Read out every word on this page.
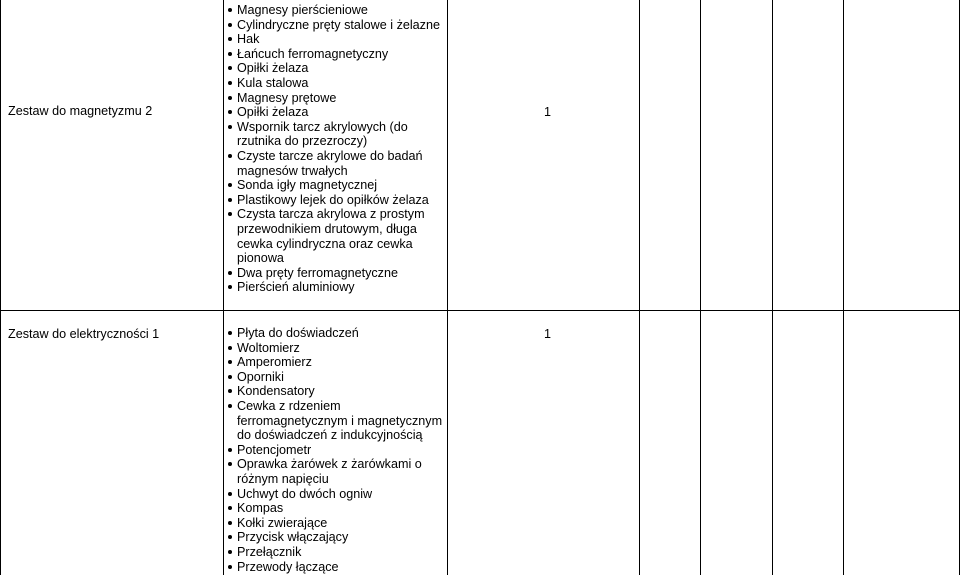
Zestaw do magnetyzmu 2	1
Magnesy pierścieniowe
Cylindryczne pręty stalowe i żelazne
Hak
Łańcuch ferromagnetyczny
Opiłki żelaza
Kula stalowa
Magnesy prętowe
Opiłki żelaza
Wspornik tarcz akrylowych (do rzutnika do przezroczy)
Czyste tarcze akrylowe do badań magnesów trwałych
Sonda igły magnetycznej
Plastikowy lejek do opiłków żelaza
Czysta tarcza akrylowa z prostym przewodnikiem drutowym, długa cewka cylindryczna oraz cewka pionowa
Dwa pręty ferromagnetyczne
Pierścień aluminiowy
Zestaw do elektryczności 1	1
Płyta do doświadczeń
Woltomierz
Amperomierz
Oporniki
Kondensatory
Cewka z rdzeniem ferromagnetycznym i magnetycznym do doświadczeń z indukcyjnością
Potencjometr
Oprawka żarówek z żarówkami o różnym napięciu
Uchwyt do dwóch ogniw
Kompas
Kołki zwierające
Przycisk włączający
Przełącznik
Przewody łączące
